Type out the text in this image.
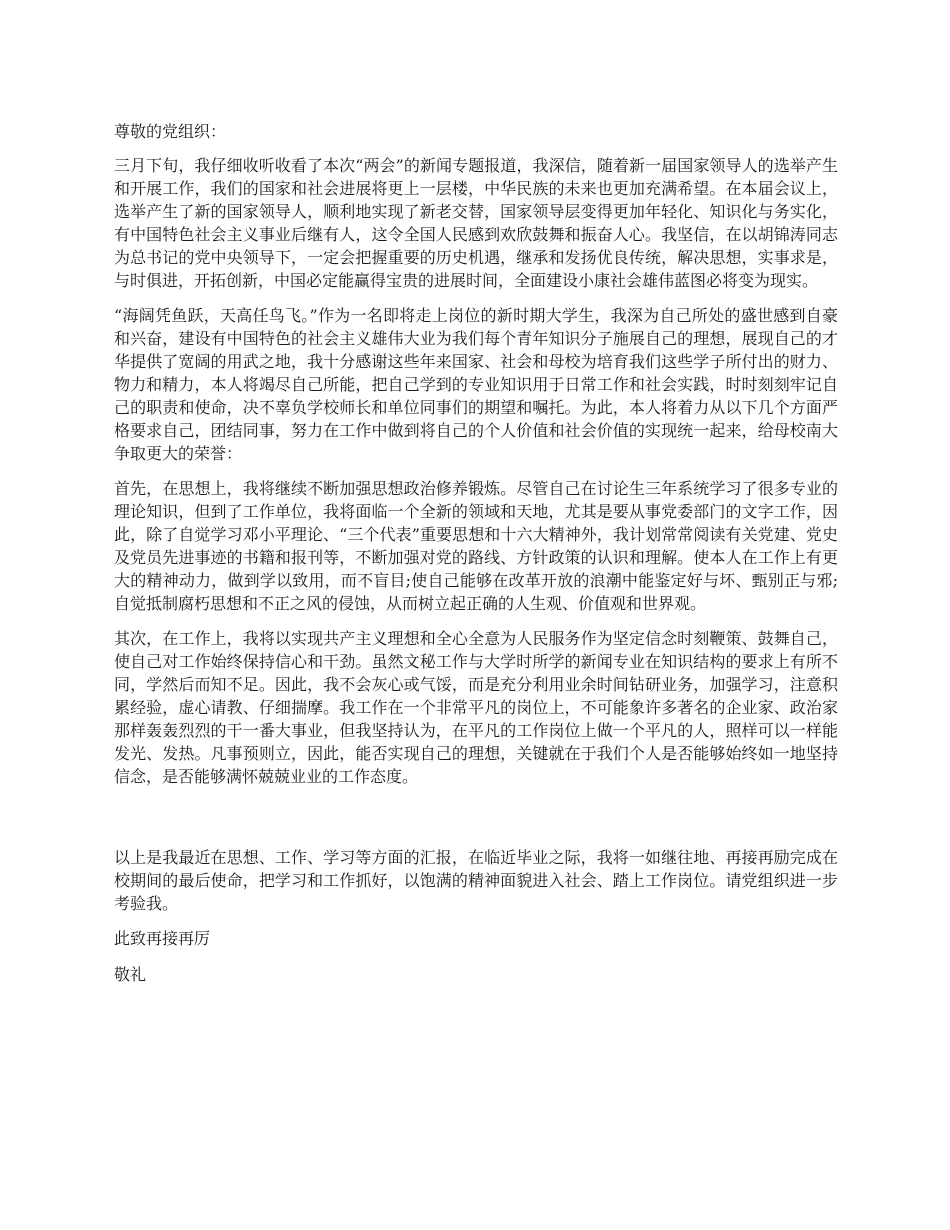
尊敬的党组织：

三月下旬，我仔细收听收看了本次“两会”的新闻专题报道，我深信，随着新一届国家领导人的选举产生和开展工作，我们的国家和社会进展将更上一层楼，中华民族的未来也更加充满希望。在本届会议上，选举产生了新的国家领导人，顺利地实现了新老交替，国家领导层变得更加年轻化、知识化与务实化，有中国特色社会主义事业后继有人，这令全国人民感到欢欣鼓舞和振奋人心。我坚信，在以胡锦涛同志为总书记的党中央领导下，一定会把握重要的历史机遇，继承和发扬优良传统，解决思想，实事求是，与时俱进，开拓创新，中国必定能赢得宝贵的进展时间，全面建设小康社会雄伟蓝图必将变为现实。

“海阔凭鱼跃，天高任鸟飞。”作为一名即将走上岗位的新时期大学生，我深为自己所处的盛世感到自豪和兴奋，建设有中国特色的社会主义雄伟大业为我们每个青年知识分子施展自己的理想，展现自己的才华提供了宽阔的用武之地，我十分感谢这些年来国家、社会和母校为培育我们这些学子所付出的财力、物力和精力，本人将竭尽自己所能，把自己学到的专业知识用于日常工作和社会实践，时时刻刻牢记自己的职责和使命，决不辜负学校师长和单位同事们的期望和嘱托。为此，本人将着力从以下几个方面严格要求自己，团结同事，努力在工作中做到将自己的个人价值和社会价值的实现统一起来，给母校南大争取更大的荣誉：

首先，在思想上，我将继续不断加强思想政治修养锻炼。尽管自己在讨论生三年系统学习了很多专业的理论知识，但到了工作单位，我将面临一个全新的领域和天地，尤其是要从事党委部门的文字工作，因此，除了自觉学习邓小平理论、“三个代表”重要思想和十六大精神外，我计划常常阅读有关党建、党史及党员先进事迹的书籍和报刊等，不断加强对党的路线、方针政策的认识和理解。使本人在工作上有更大的精神动力，做到学以致用，而不盲目;使自己能够在改革开放的浪潮中能鉴定好与坏、甄别正与邪;自觉抵制腐朽思想和不正之风的侵蚀，从而树立起正确的人生观、价值观和世界观。

其次，在工作上，我将以实现共产主义理想和全心全意为人民服务作为坚定信念时刻鞭策、鼓舞自己，使自己对工作始终保持信心和干劲。虽然文秘工作与大学时所学的新闻专业在知识结构的要求上有所不同，学然后而知不足。因此，我不会灰心或气馁，而是充分利用业余时间钻研业务，加强学习，注意积累经验，虚心请教、仔细揣摩。我工作在一个非常平凡的岗位上，不可能象许多著名的企业家、政治家那样轰轰烈烈的干一番大事业，但我坚持认为，在平凡的工作岗位上做一个平凡的人，照样可以一样能发光、发热。凡事预则立，因此，能否实现自己的理想，关键就在于我们个人是否能够始终如一地坚持信念，是否能够满怀兢兢业业的工作态度。

以上是我最近在思想、工作、学习等方面的汇报，在临近毕业之际，我将一如继往地、再接再励完成在校期间的最后使命，把学习和工作抓好，以饱满的精神面貌进入社会、踏上工作岗位。请党组织进一步考验我。

此致再接再厉

敬礼
